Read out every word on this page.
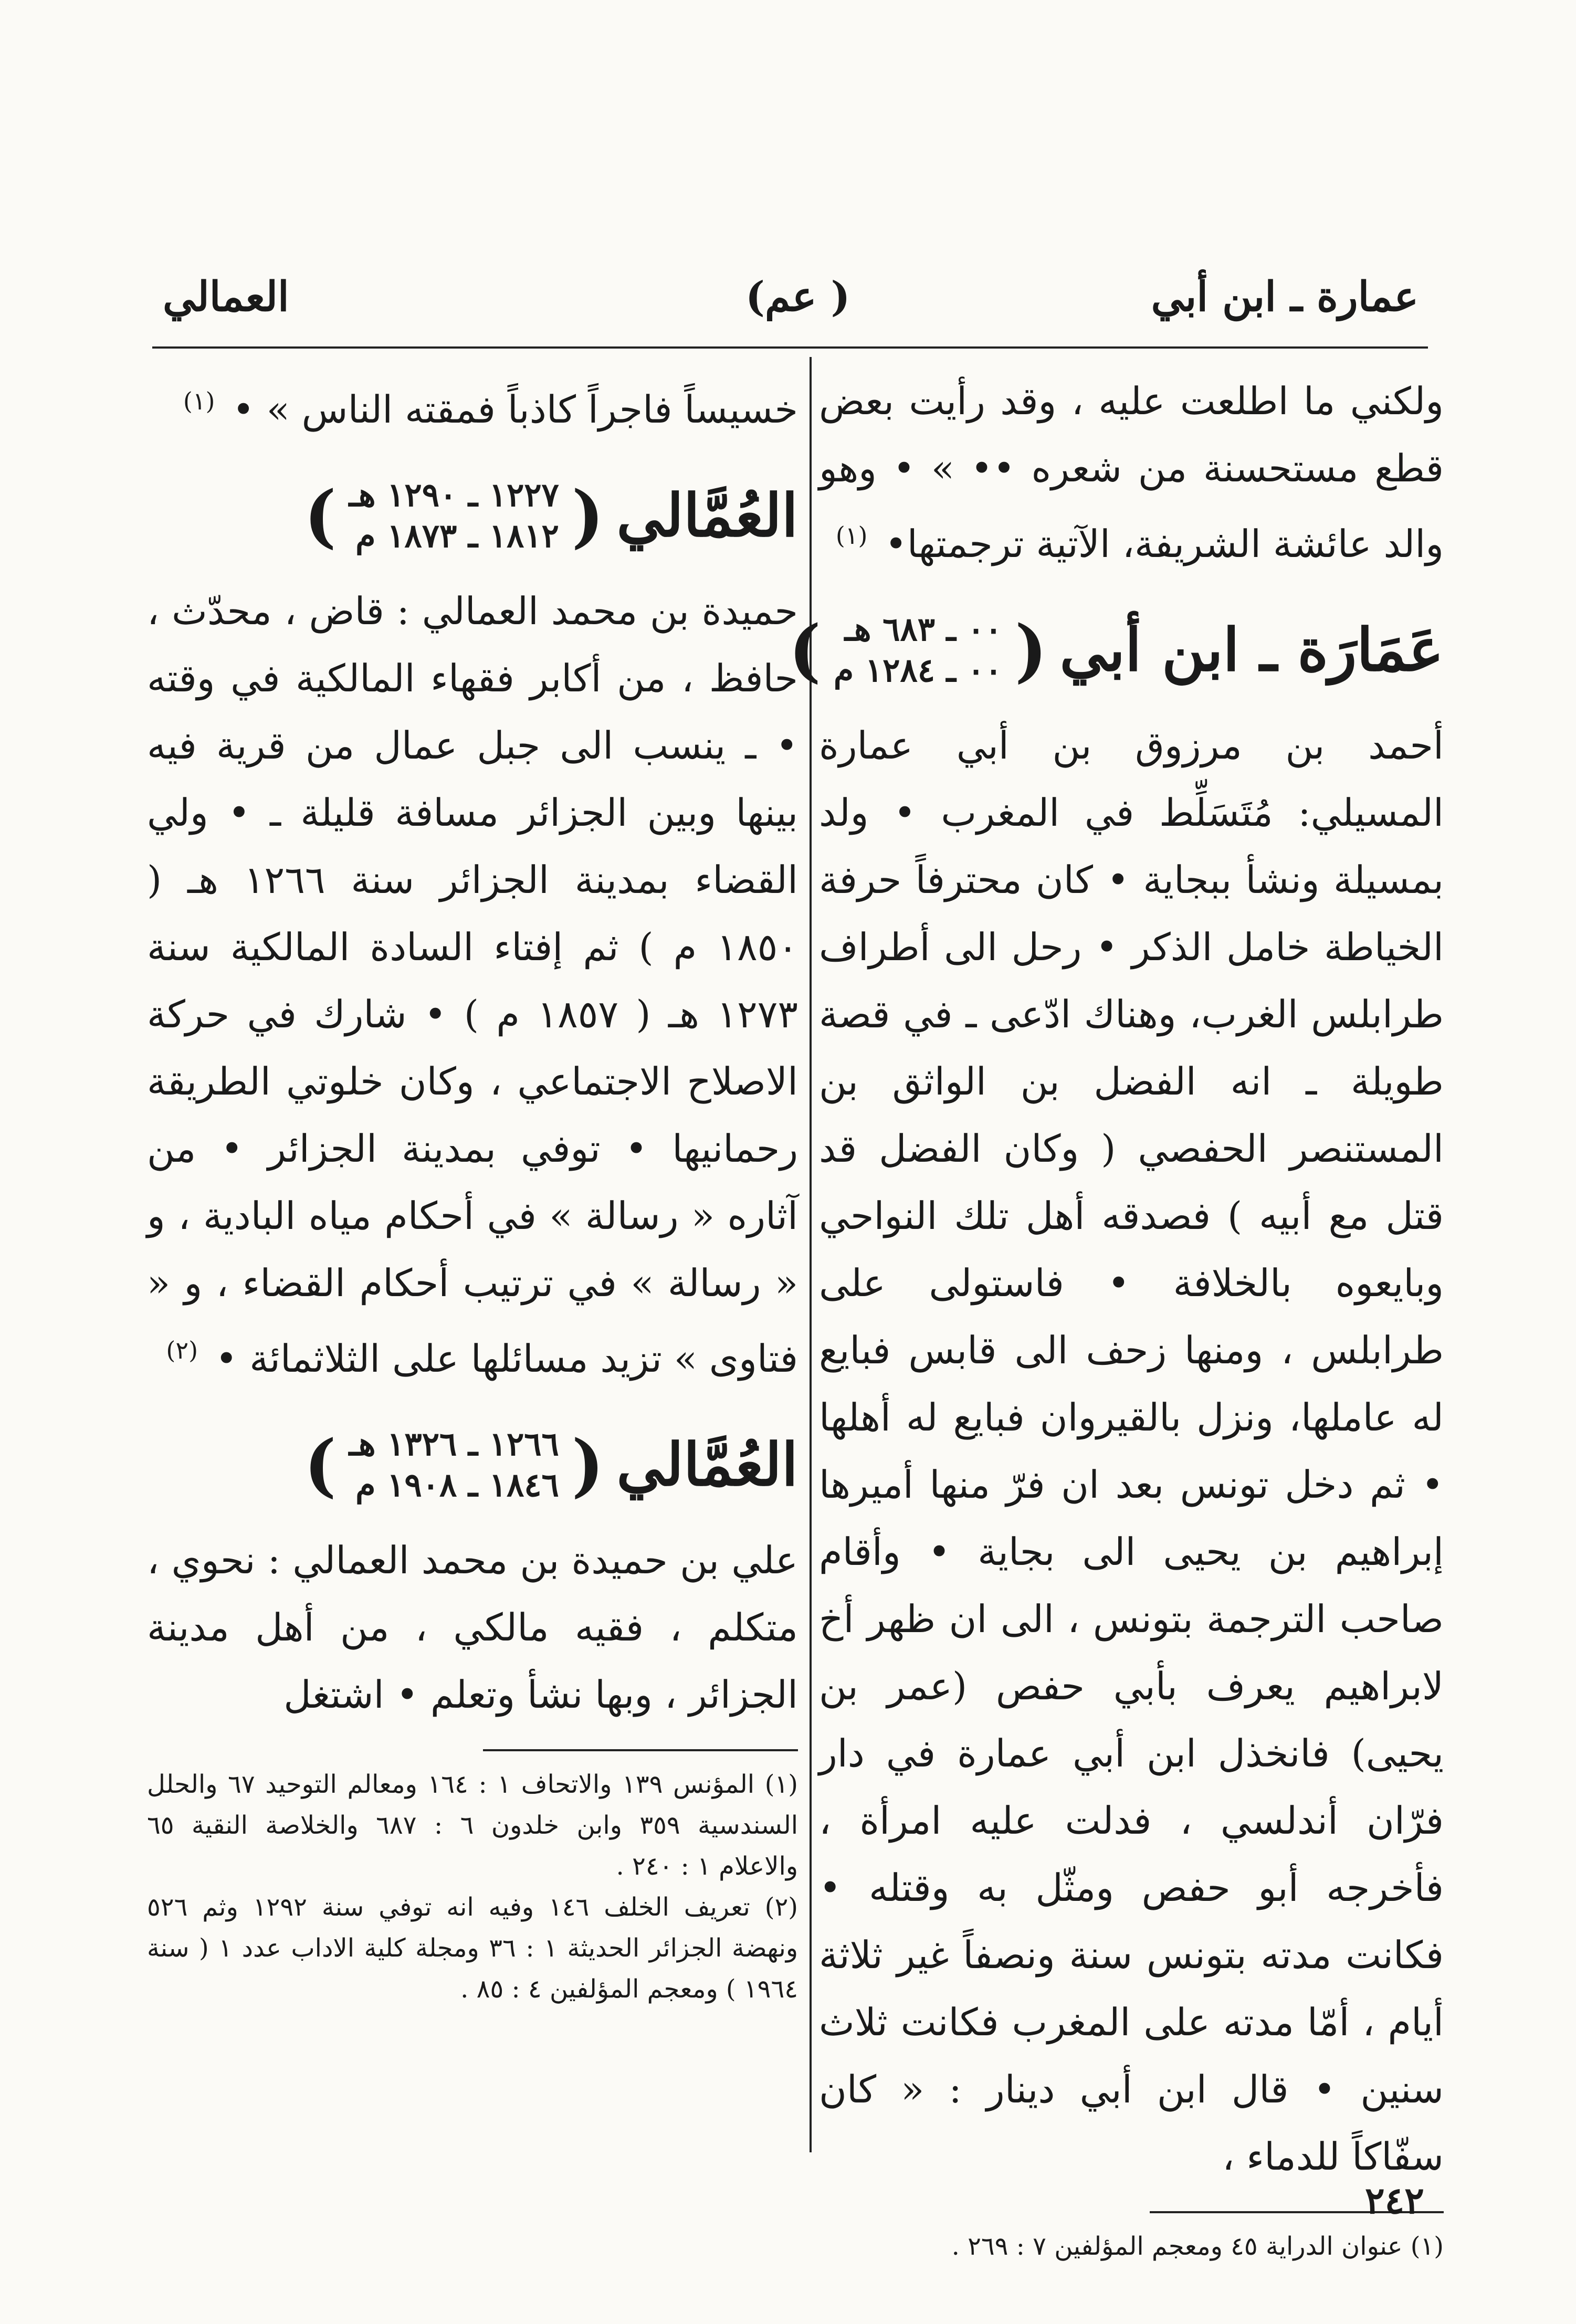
عمارة ـ ابن أبي
(عم )
العمالي

ولكني ما اطلعت عليه ، وقد رأيت بعض قطع مستحسنة من شعره •• » • وهو والد عائشة الشريفة، الآتية ترجمتها• $^{(١)}$

عَمَارَة ـ ابن أبي
(
٠٠ ـ ٦٨٣ هـ
٠٠ ـ ١٢٨٤ م
)

أحمد بن مرزوق بن أبي عمارة المسيلي: مُتَسَلِّط في المغرب • ولد بمسيلة ونشأ ببجاية • كان محترفاً حرفة الخياطة خامل الذكر • رحل الى أطراف طرابلس الغرب، وهناك ادّعى ـ في قصة طويلة ـ انه الفضل بن الواثق بن المستنصر الحفصي ( وكان الفضل قد قتل مع أبيه ) فصدقه أهل تلك النواحي وبايعوه بالخلافة • فاستولى على طرابلس ، ومنها زحف الى قابس فبايع له عاملها، ونزل بالقيروان فبايع له أهلها • ثم دخل تونس بعد ان فرّ منها أميرها إبراهيم بن يحيى الى بجاية • وأقام صاحب الترجمة بتونس ، الى ان ظهر أخ لابراهيم يعرف بأبي حفص (عمر بن يحيى) فانخذل ابن أبي عمارة في دار فرّان أندلسي ، فدلت عليه امرأة ، فأخرجه أبو حفص ومثّل به وقتله • فكانت مدته بتونس سنة ونصفاً غير ثلاثة أيام ، أمّا مدته على المغرب فكانت ثلاث سنين • قال ابن أبي دينار : « كان سفّاكاً للدماء ،

(١) عنوان الدراية ٤٥ ومعجم المؤلفين ٧ : ٢٦٩ .

خسيساً فاجراً كاذباً فمقته الناس » • $^{(١)}$

العُمَّالي
(
١٢٢٧ ـ ١٢٩٠ هـ
١٨١٢ ـ ١٨٧٣ م
)

حميدة بن محمد العمالي : قاض ، محدّث ، حافظ ، من أكابر فقهاء المالكية في وقته • ـ ينسب الى جبل عمال من قرية فيه بينها وبين الجزائر مسافة قليلة ـ • ولي القضاء بمدينة الجزائر سنة ١٢٦٦ هـ ( ١٨٥٠ م ) ثم إفتاء السادة المالكية سنة ١٢٧٣ هـ ( ١٨٥٧ م ) • شارك في حركة الاصلاح الاجتماعي ، وكان خلوتي الطريقة رحمانيها • توفي بمدينة الجزائر • من آثاره « رسالة » في أحكام مياه البادية ، و « رسالة » في ترتيب أحكام القضاء ، و « فتاوى » تزيد مسائلها على الثلاثمائة • $^{(٢)}$

العُمَّالي
(
١٢٦٦ ـ ١٣٢٦ هـ
١٨٤٦ ـ ١٩٠٨ م
)

علي بن حميدة بن محمد العمالي : نحوي ، متكلم ، فقيه مالكي ، من أهل مدينة الجزائر ، وبها نشأ وتعلم • اشتغل

(١) المؤنس ١٣٩ والاتحاف ١ : ١٦٤ ومعالم التوحيد ٦٧ والحلل السندسية ٣٥٩ وابن خلدون ٦ : ٦٨٧ والخلاصة النقية ٦٥ والاعلام ١ : ٢٤٠ .

(٢) تعريف الخلف ١٤٦ وفيه انه توفي سنة ١٢٩٢ وثم ٥٢٦ ونهضة الجزائر الحديثة ١ : ٣٦ ومجلة كلية الاداب عدد ١ ( سنة ١٩٦٤ ) ومعجم المؤلفين ٤ : ٨٥ .

٢٤٢
